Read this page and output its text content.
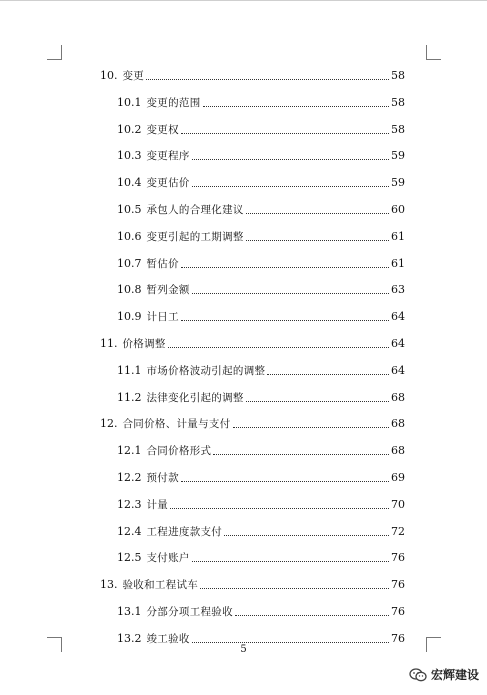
10. 变更	58
10.1 变更的范围	58
10.2 变更权	58
10.3 变更程序	59
10.4 变更估价	59
10.5 承包人的合理化建议	60
10.6 变更引起的工期调整	61
10.7 暂估价	61
10.8 暂列金额	63
10.9 计日工	64
11. 价格调整	64
11.1 市场价格波动引起的调整	64
11.2 法律变化引起的调整	68
12. 合同价格、计量与支付	68
12.1 合同价格形式	68
12.2 预付款	69
12.3 计量	70
12.4 工程进度款支付	72
12.5 支付账户	76
13. 验收和工程试车	76
13.1 分部分项工程验收	76
13.2 竣工验收	76
5
宏辉建设
